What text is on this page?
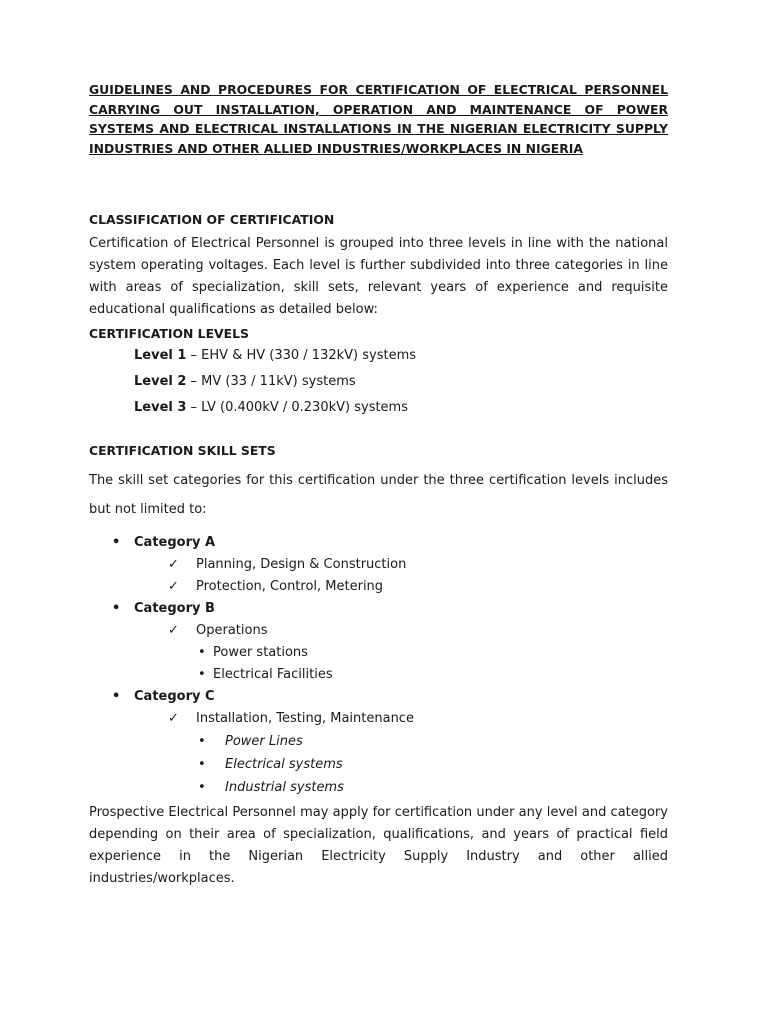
GUIDELINES AND PROCEDURES FOR CERTIFICATION OF ELECTRICAL PERSONNEL CARRYING OUT INSTALLATION, OPERATION AND MAINTENANCE OF POWER SYSTEMS AND ELECTRICAL INSTALLATIONS IN THE NIGERIAN ELECTRICITY SUPPLY INDUSTRIES AND OTHER ALLIED INDUSTRIES/WORKPLACES IN NIGERIA

CLASSIFICATION OF CERTIFICATION

Certification of Electrical Personnel is grouped into three levels in line with the national system operating voltages. Each level is further subdivided into three categories in line with areas of specialization, skill sets, relevant years of experience and requisite educational qualifications as detailed below:

CERTIFICATION LEVELS

Level 1 – EHV & HV (330 / 132kV) systems
Level 2 – MV (33 / 11kV) systems
Level 3 – LV (0.400kV / 0.230kV) systems

CERTIFICATION SKILL SETS

The skill set categories for this certification under the three certification levels includes but not limited to:

• Category A
✓ Planning, Design & Construction
✓ Protection, Control, Metering
• Category B
✓ Operations
• Power stations
• Electrical Facilities
• Category C
✓ Installation, Testing, Maintenance
• Power Lines
• Electrical systems
• Industrial systems

Prospective Electrical Personnel may apply for certification under any level and category depending on their area of specialization, qualifications, and years of practical field experience in the Nigerian Electricity Supply Industry and other allied industries/workplaces.
